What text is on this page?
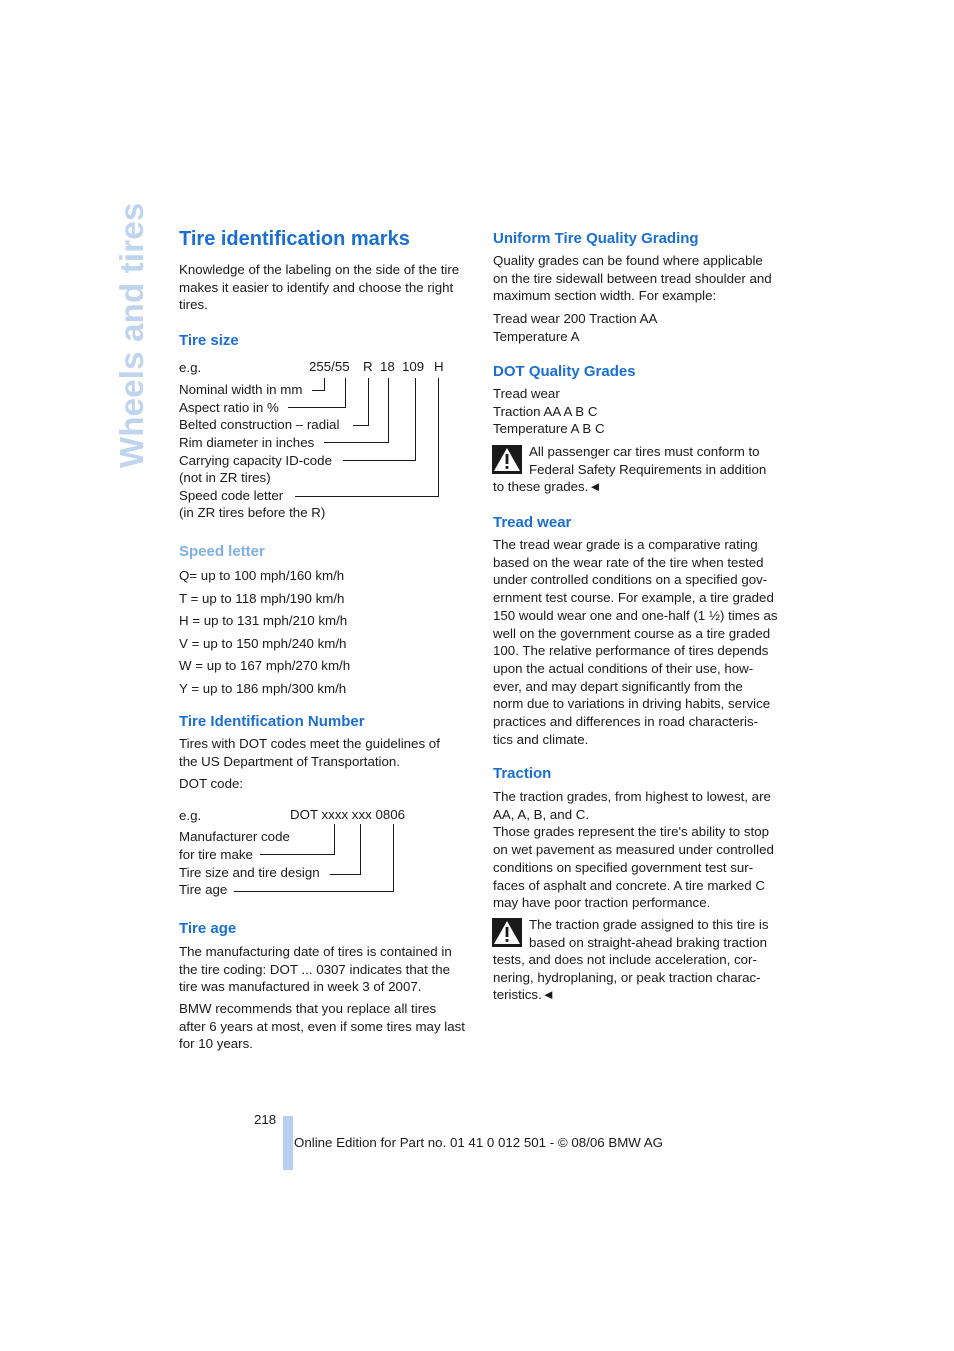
Wheels and tires Tire identification marks
Knowledge of the labeling on the side of the tire
makes it easier to identify and choose the right
tires.
Tire size
e.g.	255/55 R 18 109 H
Nominal width in mm
Aspect ratio in %
Belted construction – radial
Rim diameter in inches
Carrying capacity ID-code
(not in ZR tires)
Speed code letter
(in ZR tires before the R)
Speed letter
Q= up to 100 mph/160 km/h
T = up to 118 mph/190 km/h
H = up to 131 mph/210 km/h
V = up to 150 mph/240 km/h
W = up to 167 mph/270 km/h
Y = up to 186 mph/300 km/h
Tire Identification Number
Tires with DOT codes meet the guidelines of
the US Department of Transportation.
DOT code:
e.g.	DOT xxxx xxx 0806
Manufacturer code
for tire make
Tire size and tire design
Tire age
Tire age
The manufacturing date of tires is contained in
the tire coding: DOT ... 0307 indicates that the
tire was manufactured in week 3 of 2007.
BMW recommends that you replace all tires
after 6 years at most, even if some tires may last
for 10 years.
Uniform Tire Quality Grading
Quality grades can be found where applicable
on the tire sidewall between tread shoulder and
maximum section width. For example:
Tread wear 200 Traction AA
Temperature A
DOT Quality Grades
Tread wear
Traction AA A B C
Temperature A B C
All passenger car tires must conform to
Federal Safety Requirements in addition
to these grades.◄
Tread wear
The tread wear grade is a comparative rating
based on the wear rate of the tire when tested
under controlled conditions on a specified gov-
ernment test course. For example, a tire graded
150 would wear one and one-half (1 ½) times as
well on the government course as a tire graded
100. The relative performance of tires depends
upon the actual conditions of their use, how-
ever, and may depart significantly from the
norm due to variations in driving habits, service
practices and differences in road characteris-
tics and climate.
Traction
The traction grades, from highest to lowest, are
AA, A, B, and C.
Those grades represent the tire's ability to stop
on wet pavement as measured under controlled
conditions on specified government test sur-
faces of asphalt and concrete. A tire marked C
may have poor traction performance.
The traction grade assigned to this tire is
based on straight-ahead braking traction
tests, and does not include acceleration, cor-
nering, hydroplaning, or peak traction charac-
teristics.◄
218
Online Edition for Part no. 01 41 0 012 501 - © 08/06 BMW AG
